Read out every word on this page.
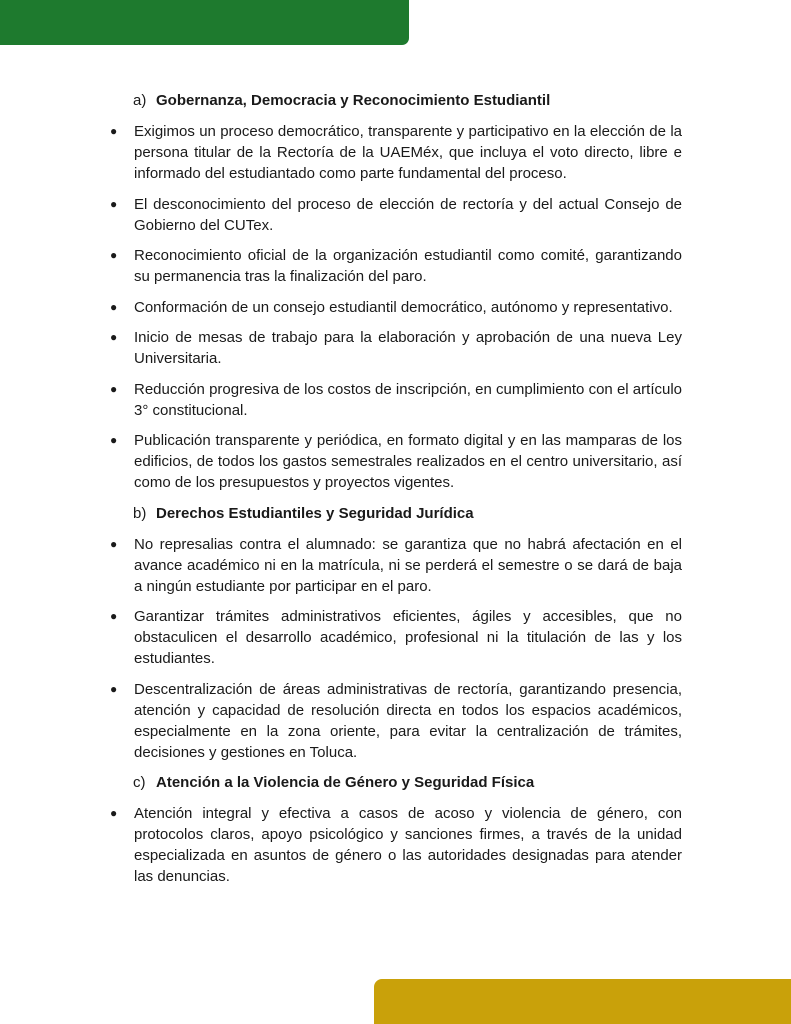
a) Gobernanza, Democracia y Reconocimiento Estudiantil
● Exigimos un proceso democrático, transparente y participativo en la elección de la persona titular de la Rectoría de la UAEMéx, que incluya el voto directo, libre e informado del estudiantado como parte fundamental del proceso.
● El desconocimiento del proceso de elección de rectoría y del actual Consejo de Gobierno del CUTex.
● Reconocimiento oficial de la organización estudiantil como comité, garantizando su permanencia tras la finalización del paro.
● Conformación de un consejo estudiantil democrático, autónomo y representativo.
● Inicio de mesas de trabajo para la elaboración y aprobación de una nueva Ley Universitaria.
● Reducción progresiva de los costos de inscripción, en cumplimiento con el artículo 3° constitucional.
● Publicación transparente y periódica, en formato digital y en las mamparas de los edificios, de todos los gastos semestrales realizados en el centro universitario, así como de los presupuestos y proyectos vigentes.
b) Derechos Estudiantiles y Seguridad Jurídica
● No represalias contra el alumnado: se garantiza que no habrá afectación en el avance académico ni en la matrícula, ni se perderá el semestre o se dará de baja a ningún estudiante por participar en el paro.
● Garantizar trámites administrativos eficientes, ágiles y accesibles, que no obstaculicen el desarrollo académico, profesional ni la titulación de las y los estudiantes.
● Descentralización de áreas administrativas de rectoría, garantizando presencia, atención y capacidad de resolución directa en todos los espacios académicos, especialmente en la zona oriente, para evitar la centralización de trámites, decisiones y gestiones en Toluca.
c) Atención a la Violencia de Género y Seguridad Física
● Atención integral y efectiva a casos de acoso y violencia de género, con protocolos claros, apoyo psicológico y sanciones firmes, a través de la unidad especializada en asuntos de género o las autoridades designadas para atender las denuncias.
